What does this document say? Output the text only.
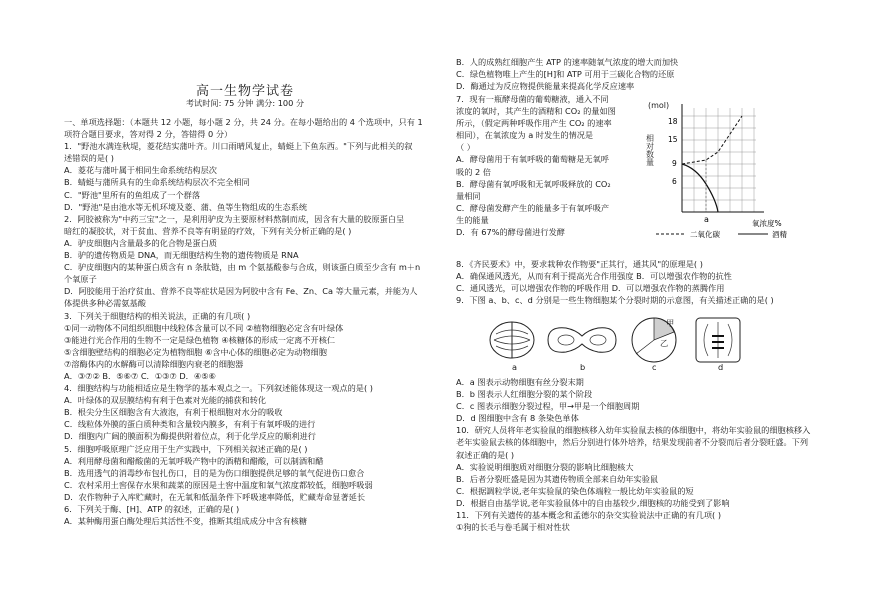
高一生物学试卷
考试时间: 75 分钟 满分: 100 分
一、单项选择题：（本题共 12 小题，每小题 2 分，共 24 分。在每小题给出的 4 个选项中，只有 1
项符合题目要求，答对得 2 分，答错得 0 分）
1．"野池水满连秋堤，菱花结实蒲叶齐。川口雨晴风复止，蜻蜓上下鱼东西。"下列与此相关的叙
述错误的是( )
A．菱花与蒲叶属于相同生命系统结构层次
B．蜻蜓与蒲所具有的生命系统结构层次不完全相同
C．"野池"里所有的鱼组成了一个群落
D．"野池"是由池水等无机环境及菱、蒲、鱼等生物组成的生态系统
2．阿胶被称为"中药三宝"之一，是利用驴皮为主要原材料熬制而成，因含有大量的胶原蛋白呈
暗红的凝胶状，对于贫血、营养不良等有明显的疗效，下列有关分析正确的是( )
A．驴皮细胞内含量最多的化合物是蛋白质
B．驴的遗传物质是 DNA，而无细胞结构生物的遗传物质是 RNA
C．驴皮细胞内的某种蛋白质含有 n 条肽链，由 m 个氨基酸参与合成，则该蛋白质至少含有 m＋n
个氧原子
D．阿胶能用于治疗贫血、营养不良等症状是因为阿胶中含有 Fe、Zn、Ca 等大量元素，并能为人
体提供多种必需氨基酸
3．下列关于细胞结构的相关说法，正确的有几项( )
①同一动物体不同组织细胞中线粒体含量可以不同 ②植物细胞必定含有叶绿体
③能进行光合作用的生物不一定是绿色植物 ④核糖体的形成一定离不开核仁
⑤含细胞壁结构的细胞必定为植物细胞 ⑥含中心体的细胞必定为动物细胞
⑦溶酶体内的水解酶可以清除细胞内衰老的细胞器
A．③⑦② B．⑤⑥⑦ C．①③⑦ D．④⑤⑥
4．细胞结构与功能相适应是生物学的基本观点之一。下列叙述能体现这一观点的是( )
A．叶绿体的双层膜结构有利于色素对光能的捕获和转化
B．根尖分生区细胞含有大液泡，有利于根细胞对水分的吸收
C．线粒体外膜的蛋白质种类和含量较内膜多，有利于有氧呼吸的进行
D．细胞内广阔的膜面积为酶提供附着位点，利于化学反应的顺利进行
5．细胞呼吸原理广泛应用于生产实践中，下列相关叙述正确的是( )
A．利用酵母菌和醋酸菌的无氧呼吸产物中的酒精和醋酸，可以制酒和醋
B．选用透气的消毒纱布包扎伤口，目的是为伤口细胞提供足够的氧气促进伤口愈合
C．农村采用土窖保存水果和蔬菜的原因是土窖中温度和氧气浓度都较低，细胞呼吸弱
D．农作物种子入库贮藏时，在无氧和低温条件下呼吸速率降低，贮藏寿命显著延长
6．下列关于酶、[H]、ATP 的叙述，正确的是( )
A．某种酶用蛋白酶处理后其活性不变，推断其组成成分中含有核糖
B．人的成熟红细胞产生 ATP 的速率随氧气浓度的增大而加快
C．绿色植物唯上产生的[H]和 ATP 可用于三碳化合物的还原
D．酶通过为反应物提供能量来提高化学反应速率
7．现有一瓶酵母菌的葡萄糖液，通入不同
浓度的氧时，其产生的酒精和 CO₂ 的量如图
所示，（假定两种呼吸作用产生 CO₂ 的速率
相同），在氧浓度为 a 时发生的情况是
（ ）
A．酵母菌用于有氧呼吸的葡萄糖是无氧呼
吸的 2 倍
B．酵母菌有氧呼吸和无氧呼吸释放的 CO₂
量相同
C．酵母菌发酵产生的能量多于有氧呼吸产
生的能量
D．有 67%的酵母菌进行发酵
8．《齐民要术》中，要求栽种农作物要"正其行，通其风"的原理是( )
A．确保通风透光，从而有利于提高光合作用强度 B．可以增强农作物的抗性
C．通风透光，可以增强农作物的呼吸作用 D．可以增强农作物的蒸腾作用
9．下图 a、b、c、d 分别是一些生物细胞某个分裂时期的示意图，有关描述正确的是( )
a	b	c	d
甲
乙
(mol)
相对数量
18
15
9
6
a	氧浓度%
二氧化碳	酒精
A．a 图表示动物细胞有丝分裂末期
B．b 图表示人红细胞分裂的某个阶段
C．c 图表示细胞分裂过程，甲→甲是一个细胞周期
D．d 图细胞中含有 8 条染色单体
10．研究人员将年老实验鼠的细胞核移入幼年实验鼠去核的体细胞中，将幼年实验鼠的细胞核移入
老年实验鼠去核的体细胞中，然后分别进行体外培养，结果发现前者不分裂而后者分裂旺盛。下列
叙述正确的是( )
A．实验说明细胞质对细胞分裂的影响比细胞核大
B．后者分裂旺盛是因为其遗传物质全部来自幼年实验鼠
C．根据調粒学说,老年实验鼠的染色体端粒一般比幼年实验鼠的短
D．根据自由基学说,老年实验鼠体中的自由基较少,细胞核的功能受到了影响
11．下列有关遗传的基本概念和孟德尔的杂交实验说法中正确的有几项( )
①狗的长毛与卷毛属于相对性状
